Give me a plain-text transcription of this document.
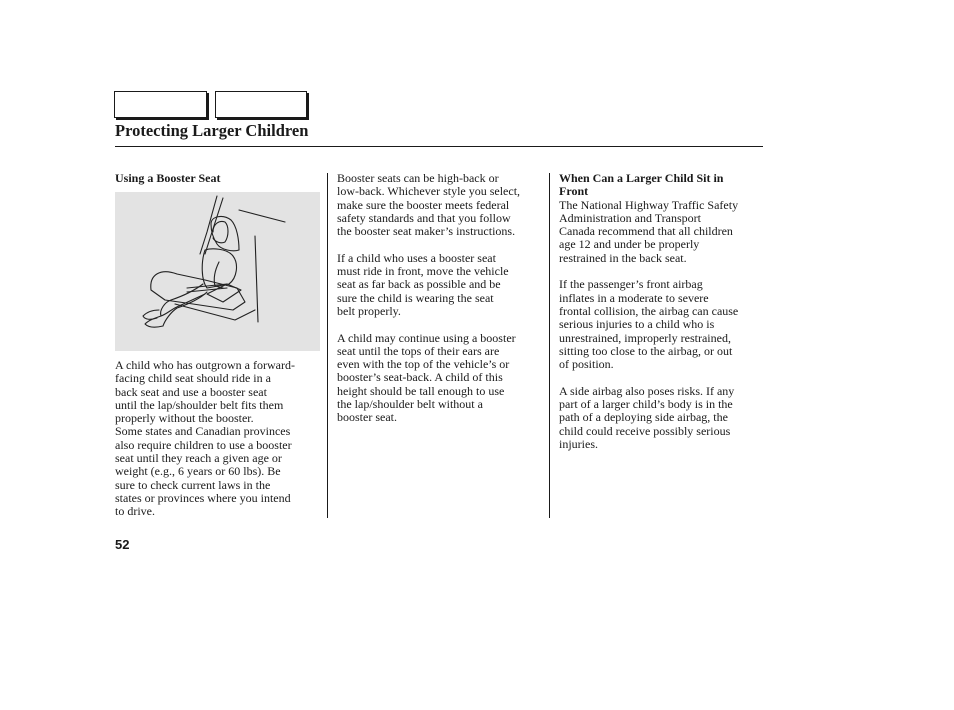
Protecting Larger Children
Using a Booster Seat

A child who has outgrown a forward-
facing child seat should ride in a
back seat and use a booster seat
until the lap/shoulder belt fits them
properly without the booster.
Some states and Canadian provinces
also require children to use a booster
seat until they reach a given age or
weight (e.g., 6 years or 60 lbs). Be
sure to check current laws in the
states or provinces where you intend
to drive.

Booster seats can be high-back or
low-back. Whichever style you select,
make sure the booster meets federal
safety standards and that you follow
the booster seat maker’s instructions.

If a child who uses a booster seat
must ride in front, move the vehicle
seat as far back as possible and be
sure the child is wearing the seat
belt properly.

A child may continue using a booster
seat until the tops of their ears are
even with the top of the vehicle’s or
booster’s seat-back. A child of this
height should be tall enough to use
the lap/shoulder belt without a
booster seat.

When Can a Larger Child Sit in
Front

The National Highway Traffic Safety
Administration and Transport
Canada recommend that all children
age 12 and under be properly
restrained in the back seat.

If the passenger’s front airbag
inflates in a moderate to severe
frontal collision, the airbag can cause
serious injuries to a child who is
unrestrained, improperly restrained,
sitting too close to the airbag, or out
of position.

A side airbag also poses risks. If any
part of a larger child’s body is in the
path of a deploying side airbag, the
child could receive possibly serious
injuries.

52
